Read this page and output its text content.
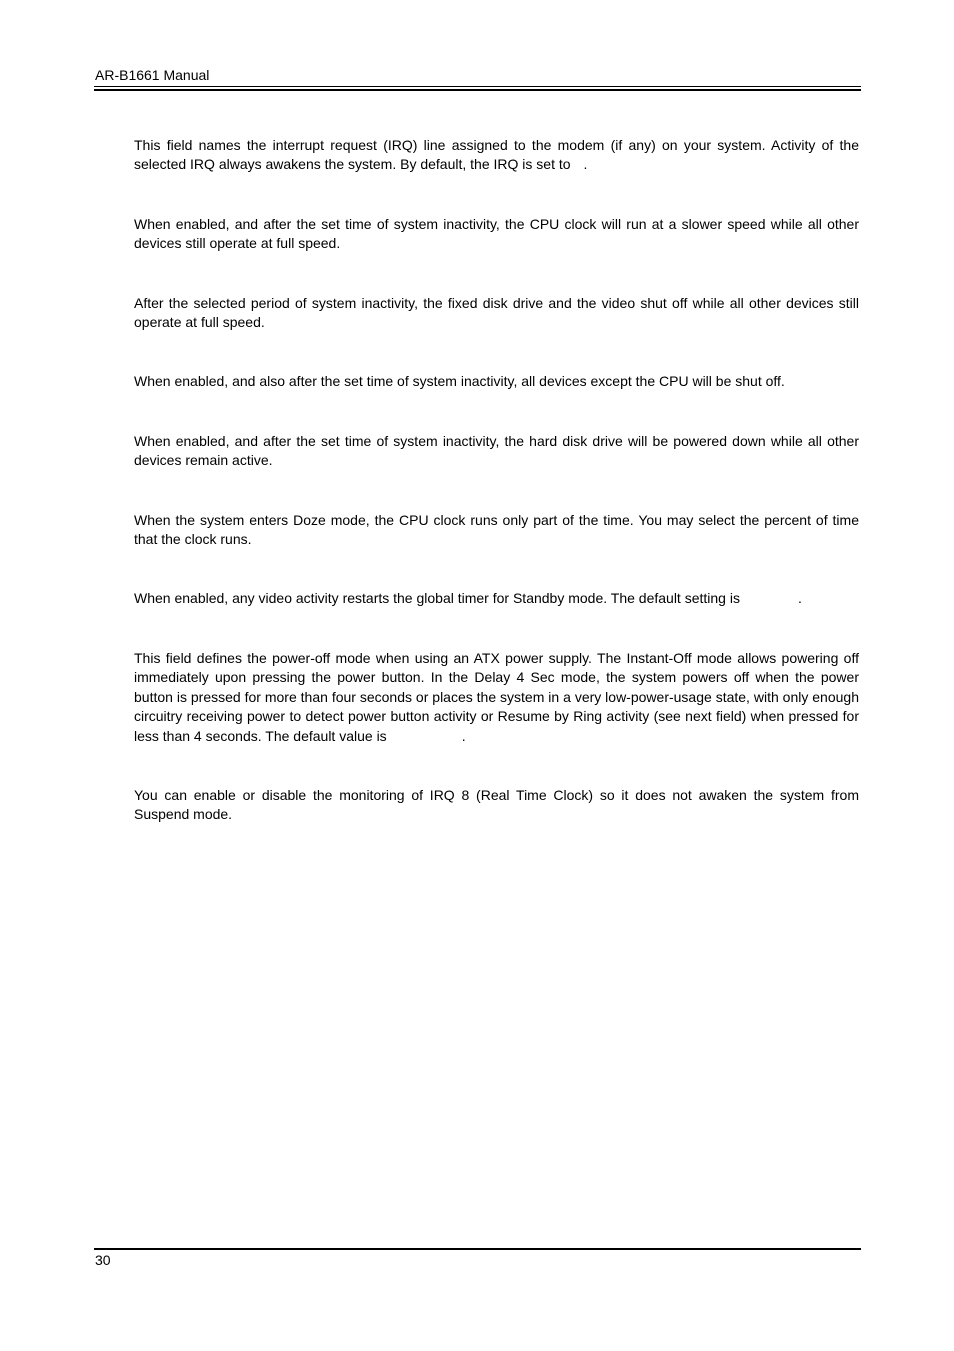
AR-B1661 Manual

This field names the interrupt request (IRQ) line assigned to the modem (if any) on your system. Activity of the selected IRQ always awakens the system. By default, the IRQ is set to .

When enabled, and after the set time of system inactivity, the CPU clock will run at a slower speed while all other devices still operate at full speed.

After the selected period of system inactivity, the fixed disk drive and the video shut off while all other devices still operate at full speed.

When enabled, and also after the set time of system inactivity, all devices except the CPU will be shut off.

When enabled, and after the set time of system inactivity, the hard disk drive will be powered down while all other devices remain active.

When the system enters Doze mode, the CPU clock runs only part of the time. You may select the percent of time that the clock runs.

When enabled, any video activity restarts the global timer for Standby mode. The default setting is	.

This field defines the power-off mode when using an ATX power supply. The Instant-Off mode allows powering off immediately upon pressing the power button. In the Delay 4 Sec mode, the system powers off when the power button is pressed for more than four seconds or places the system in a very low-power-usage state, with only enough circuitry receiving power to detect power button activity or Resume by Ring activity (see next field) when pressed for less than 4 seconds. The default value is	.

You can enable or disable the monitoring of IRQ 8 (Real Time Clock) so it does not awaken the system from Suspend mode.

30
